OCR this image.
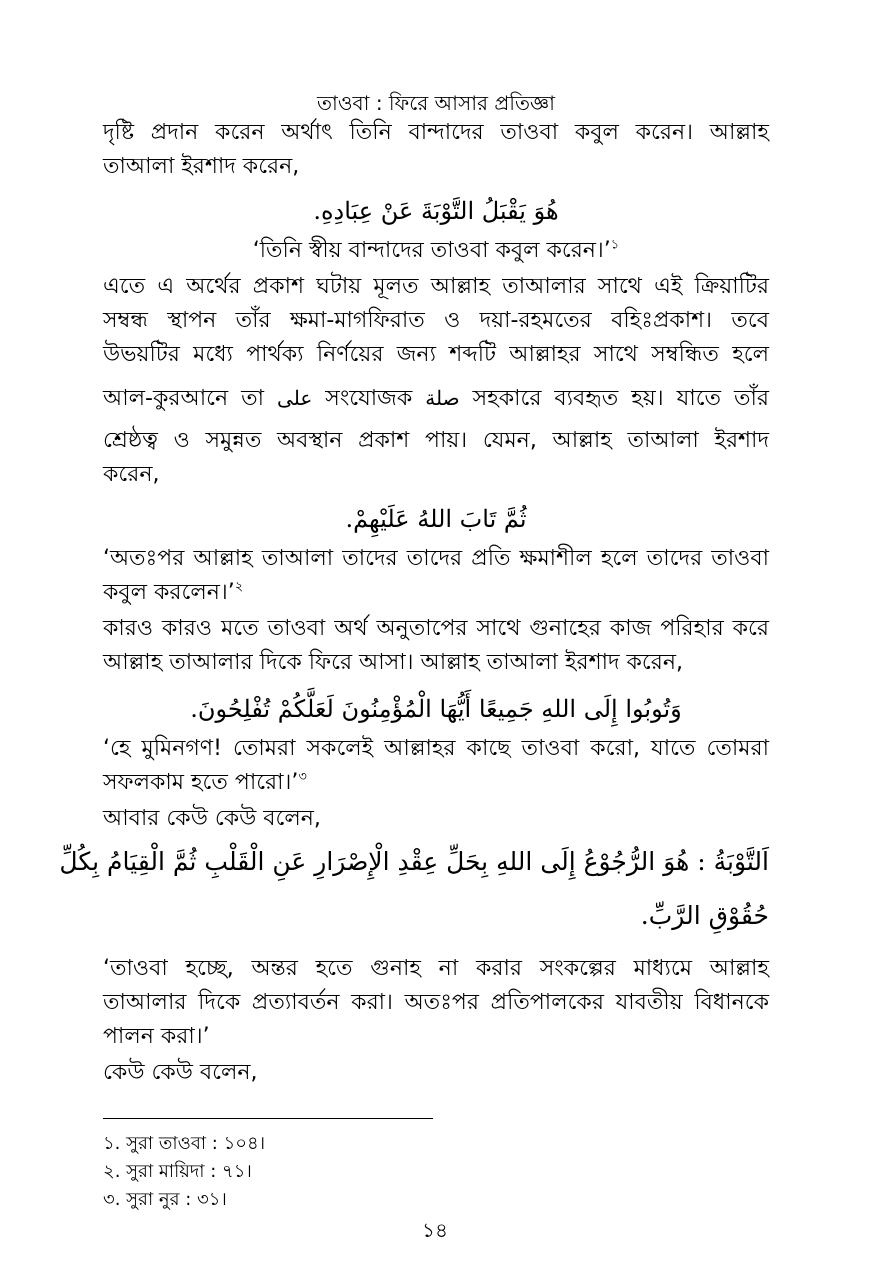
তাওবা : ফিরে আসার প্রতিজ্ঞা
দৃষ্টি প্রদান করেন অর্থাৎ তিনি বান্দাদের তাওবা কবুল করেন। আল্লাহ
তাআলা ইরশাদ করেন,
هُوَ يَقْبَلُ التَّوْبَةَ عَنْ عِبَادِهِ.
‘তিনি স্বীয় বান্দাদের তাওবা কবুল করেন।’$^১$
এতে এ অর্থের প্রকাশ ঘটায় মূলত আল্লাহ তাআলার সাথে এই ক্রিয়াটির
সম্বন্ধ স্থাপন তাঁর ক্ষমা-মাগফিরাত ও দয়া-রহমতের বহিঃপ্রকাশ। তবে
উভয়টির মধ্যে পার্থক্য নির্ণয়ের জন্য শব্দটি আল্লাহর সাথে সম্বন্ধিত হলে
আল-কুরআনে তা على সংযোজক صلة সহকারে ব্যবহৃত হয়। যাতে তাঁর
শ্রেষ্ঠত্ব ও সমুন্নত অবস্থান প্রকাশ পায়। যেমন, আল্লাহ তাআলা ইরশাদ
করেন,
ثُمَّ تَابَ اللهُ عَلَيْهِمْ.
‘অতঃপর আল্লাহ তাআলা তাদের তাদের প্রতি ক্ষমাশীল হলে তাদের তাওবা
কবুল করলেন।’$^২$
কারও কারও মতে তাওবা অর্থ অনুতাপের সাথে গুনাহের কাজ পরিহার করে
আল্লাহ তাআলার দিকে ফিরে আসা। আল্লাহ তাআলা ইরশাদ করেন,
وَتُوبُوا إِلَى اللهِ جَمِيعًا أَيُّهَا الْمُؤْمِنُونَ لَعَلَّكُمْ تُفْلِحُونَ.
‘হে মুমিনগণ! তোমরা সকলেই আল্লাহর কাছে তাওবা করো, যাতে তোমরা
সফলকাম হতে পারো।’$^৩$
আবার কেউ কেউ বলেন,
اَلتَّوْبَةُ : هُوَ الرُّجُوْعُ إِلَى اللهِ بِحَلِّ عِقْدِ الْإِصْرَارِ عَنِ الْقَلْبِ ثُمَّ الْقِيَامُ بِكُلِّ
حُقُوْقِ الرَّبِّ.
‘তাওবা হচ্ছে, অন্তর হতে গুনাহ না করার সংকল্পের মাধ্যমে আল্লাহ
তাআলার দিকে প্রত্যাবর্তন করা। অতঃপর প্রতিপালকের যাবতীয় বিধানকে
পালন করা।’
কেউ কেউ বলেন,
১. সুরা তাওবা : ১০৪।
২. সুরা মায়িদা : ৭১।
৩. সুরা নুর : ৩১।
১৪
